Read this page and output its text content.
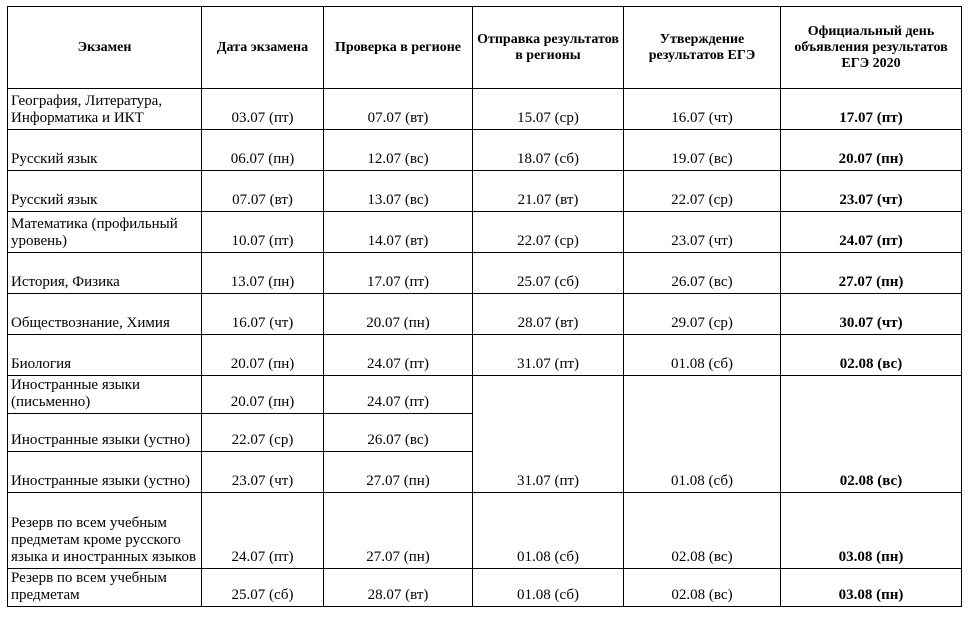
Экзамен	Дата экзамена	Проверка в регионе	Отправка результатов в регионы	Утверждение результатов ЕГЭ	Официальный день объявления результатов ЕГЭ 2020
География, Литература, Информатика и ИКТ	03.07 (пт)	07.07 (вт)	15.07 (ср)	16.07 (чт)	17.07 (пт)
Русский язык	06.07 (пн)	12.07 (вс)	18.07 (сб)	19.07 (вс)	20.07 (пн)
Русский язык	07.07 (вт)	13.07 (вс)	21.07 (вт)	22.07 (ср)	23.07 (чт)
Математика (профильный уровень)	10.07 (пт)	14.07 (вт)	22.07 (ср)	23.07 (чт)	24.07 (пт)
История, Физика	13.07 (пн)	17.07 (пт)	25.07 (сб)	26.07 (вс)	27.07 (пн)
Обществознание, Химия	16.07 (чт)	20.07 (пн)	28.07 (вт)	29.07 (ср)	30.07 (чт)
Биология	20.07 (пн)	24.07 (пт)	31.07 (пт)	01.08 (сб)	02.08 (вс)
Иностранные языки (письменно)	20.07 (пн)	24.07 (пт)	31.07 (пт)	01.08 (сб)	02.08 (вс)
Иностранные языки (устно)	22.07 (ср)	26.07 (вс)			
Иностранные языки (устно)	23.07 (чт)	27.07 (пн)			
Резерв по всем учебным предметам кроме русского языка и иностранных языков	24.07 (пт)	27.07 (пн)	01.08 (сб)	02.08 (вс)	03.08 (пн)
Резерв по всем учебным предметам	25.07 (сб)	28.07 (вт)	01.08 (сб)	02.08 (вс)	03.08 (пн)
